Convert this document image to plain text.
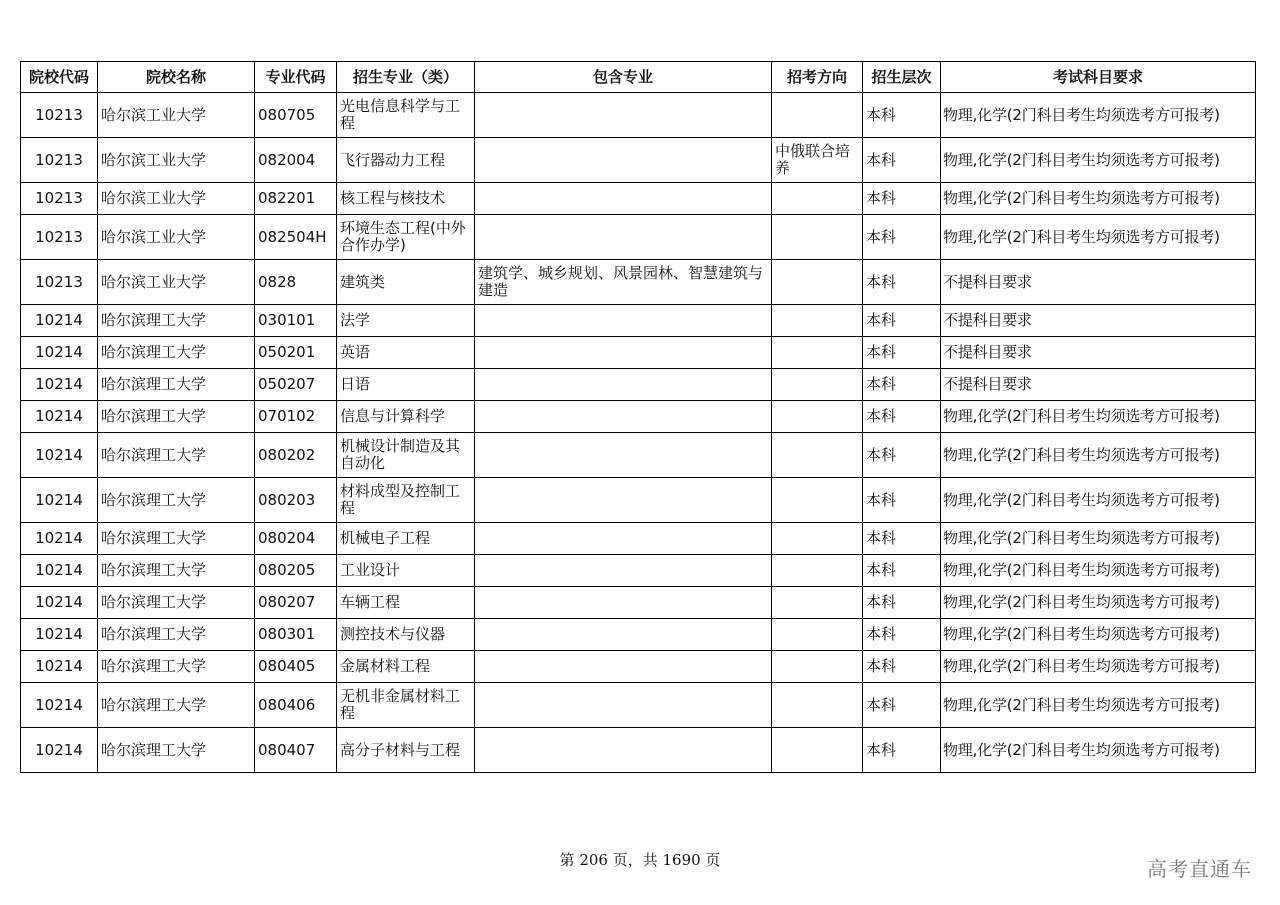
院校代码	院校名称	专业代码	招生专业（类）	包含专业	招考方向	招生层次	考试科目要求
10213	哈尔滨工业大学	080705	光电信息科学与工程			本科	物理,化学(2门科目考生均须选考方可报考)
10213	哈尔滨工业大学	082004	飞行器动力工程		中俄联合培养	本科	物理,化学(2门科目考生均须选考方可报考)
10213	哈尔滨工业大学	082201	核工程与核技术			本科	物理,化学(2门科目考生均须选考方可报考)
10213	哈尔滨工业大学	082504H	环境生态工程(中外合作办学)			本科	物理,化学(2门科目考生均须选考方可报考)
10213	哈尔滨工业大学	0828	建筑类	建筑学、城乡规划、风景园林、智慧建筑与建造		本科	不提科目要求
10214	哈尔滨理工大学	030101	法学			本科	不提科目要求
10214	哈尔滨理工大学	050201	英语			本科	不提科目要求
10214	哈尔滨理工大学	050207	日语			本科	不提科目要求
10214	哈尔滨理工大学	070102	信息与计算科学			本科	物理,化学(2门科目考生均须选考方可报考)
10214	哈尔滨理工大学	080202	机械设计制造及其自动化			本科	物理,化学(2门科目考生均须选考方可报考)
10214	哈尔滨理工大学	080203	材料成型及控制工程			本科	物理,化学(2门科目考生均须选考方可报考)
10214	哈尔滨理工大学	080204	机械电子工程			本科	物理,化学(2门科目考生均须选考方可报考)
10214	哈尔滨理工大学	080205	工业设计			本科	物理,化学(2门科目考生均须选考方可报考)
10214	哈尔滨理工大学	080207	车辆工程			本科	物理,化学(2门科目考生均须选考方可报考)
10214	哈尔滨理工大学	080301	测控技术与仪器			本科	物理,化学(2门科目考生均须选考方可报考)
10214	哈尔滨理工大学	080405	金属材料工程			本科	物理,化学(2门科目考生均须选考方可报考)
10214	哈尔滨理工大学	080406	无机非金属材料工程			本科	物理,化学(2门科目考生均须选考方可报考)
10214	哈尔滨理工大学	080407	高分子材料与工程			本科	物理,化学(2门科目考生均须选考方可报考)
第 206 页，共 1690 页	高考直通车
